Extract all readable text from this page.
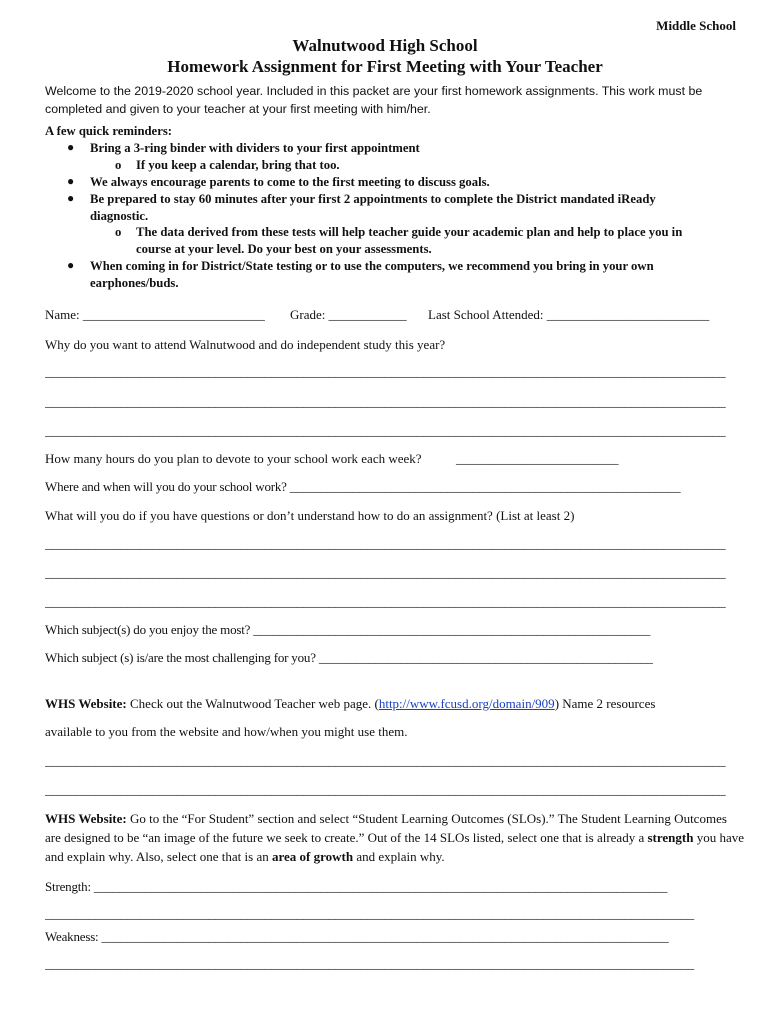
Middle School
Walnutwood High School
Homework Assignment for First Meeting with Your Teacher
Welcome to the 2019-2020 school year. Included in this packet are your first homework assignments. This work must be completed and given to your teacher at your first meeting with him/her.
A few quick reminders:
● Bring a 3-ring binder with dividers to your first appointment
o If you keep a calendar, bring that too.
● We always encourage parents to come to the first meeting to discuss goals.
● Be prepared to stay 60 minutes after your first 2 appointments to complete the District mandated iReady
diagnostic.
o The data derived from these tests will help teacher guide your academic plan and help to place you in
course at your level. Do your best on your assessments.
● When coming in for District/State testing or to use the computers, we recommend you bring in your own
earphones/buds.
Name: ____________________________ Grade: ____________ Last School Attended: _________________________
Why do you want to attend Walnutwood and do independent study this year?
____________________________________________________________________________________________________________
____________________________________________________________________________________________________________
____________________________________________________________________________________________________________
How many hours do you plan to devote to your school work each week?	_________________________
Where and when will you do your school work? ______________________________________________________________
What will you do if you have questions or don’t understand how to do an assignment? (List at least 2)
____________________________________________________________________________________________________________
____________________________________________________________________________________________________________
____________________________________________________________________________________________________________
Which subject(s) do you enjoy the most? _______________________________________________________________
Which subject (s) is/are the most challenging for you? _____________________________________________________
WHS Website: Check out the Walnutwood Teacher web page. (http://www.fcusd.org/domain/909) Name 2 resources
available to you from the website and how/when you might use them.
____________________________________________________________________________________________________________
____________________________________________________________________________________________________________
WHS Website: Go to the “For Student” section and select “Student Learning Outcomes (SLOs).” The Student Learning Outcomes are designed to be “an image of the future we seek to create.” Out of the 14 SLOs listed, select one that is already a strength you have and explain why. Also, select one that is an area of growth and explain why.
Strength: ___________________________________________________________________________________________
_______________________________________________________________________________________________________
Weakness: __________________________________________________________________________________________
_______________________________________________________________________________________________________
